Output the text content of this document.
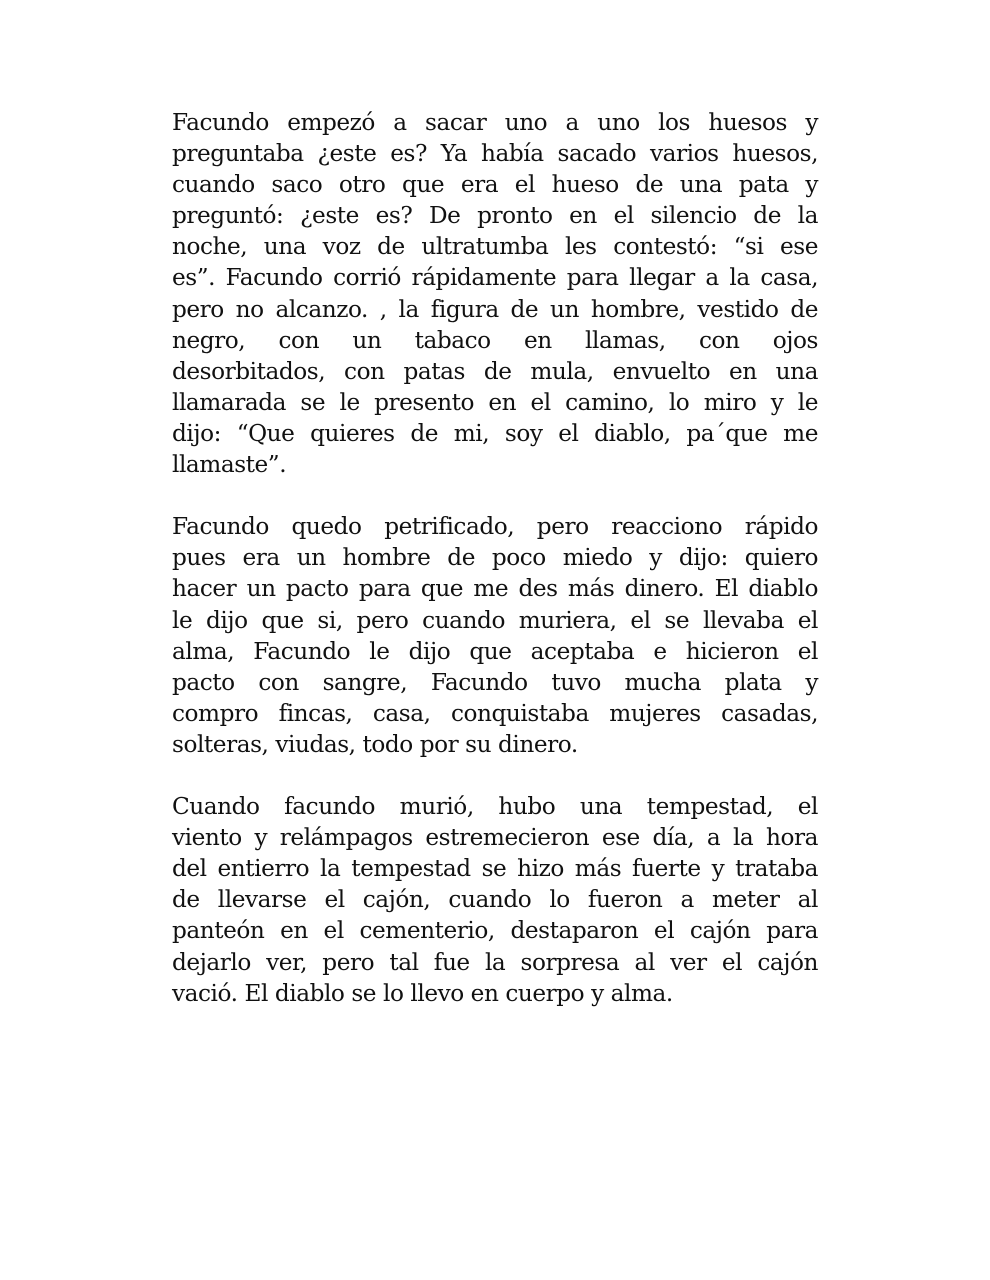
Facundo empezó a sacar uno a uno los huesos y
preguntaba ¿este es? Ya había sacado varios huesos,
cuando saco otro que era el hueso de una pata y
preguntó: ¿este es? De pronto en el silencio de la
noche, una voz de ultratumba les contestó: “si ese
es”. Facundo corrió rápidamente para llegar a la casa,
pero no alcanzo. , la figura de un hombre, vestido de
negro, con un tabaco en llamas, con ojos
desorbitados, con patas de mula, envuelto en una
llamarada se le presento en el camino, lo miro y le
dijo: “Que quieres de mi, soy el diablo, pa´que me
llamaste”.

Facundo quedo petrificado, pero reacciono rápido
pues era un hombre de poco miedo y dijo: quiero
hacer un pacto para que me des más dinero. El diablo
le dijo que si, pero cuando muriera, el se llevaba el
alma, Facundo le dijo que aceptaba e hicieron el
pacto con sangre, Facundo tuvo mucha plata y
compro fincas, casa, conquistaba mujeres casadas,
solteras, viudas, todo por su dinero.

Cuando facundo murió, hubo una tempestad, el
viento y relámpagos estremecieron ese día, a la hora
del entierro la tempestad se hizo más fuerte y trataba
de llevarse el cajón, cuando lo fueron a meter al
panteón en el cementerio, destaparon el cajón para
dejarlo ver, pero tal fue la sorpresa al ver el cajón
vació. El diablo se lo llevo en cuerpo y alma.
